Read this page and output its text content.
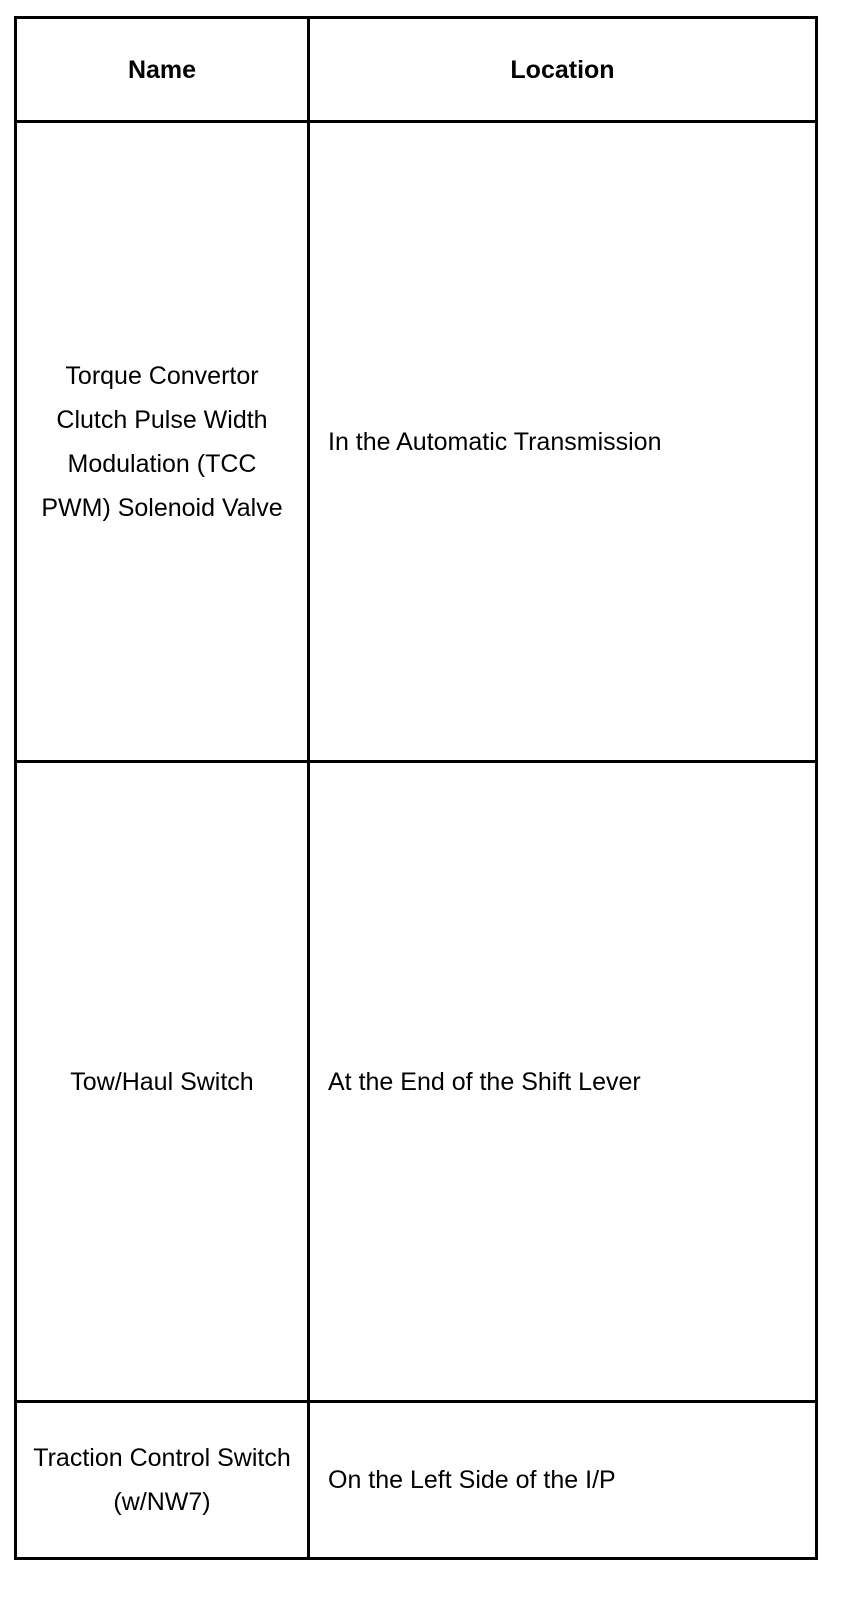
Name	Location
Torque Convertor Clutch Pulse Width Modulation (TCC PWM) Solenoid Valve
In the Automatic Transmission
Tow/Haul Switch	At the End of the Shift Lever
Traction Control Switch (w/NW7)
On the Left Side of the I/P
